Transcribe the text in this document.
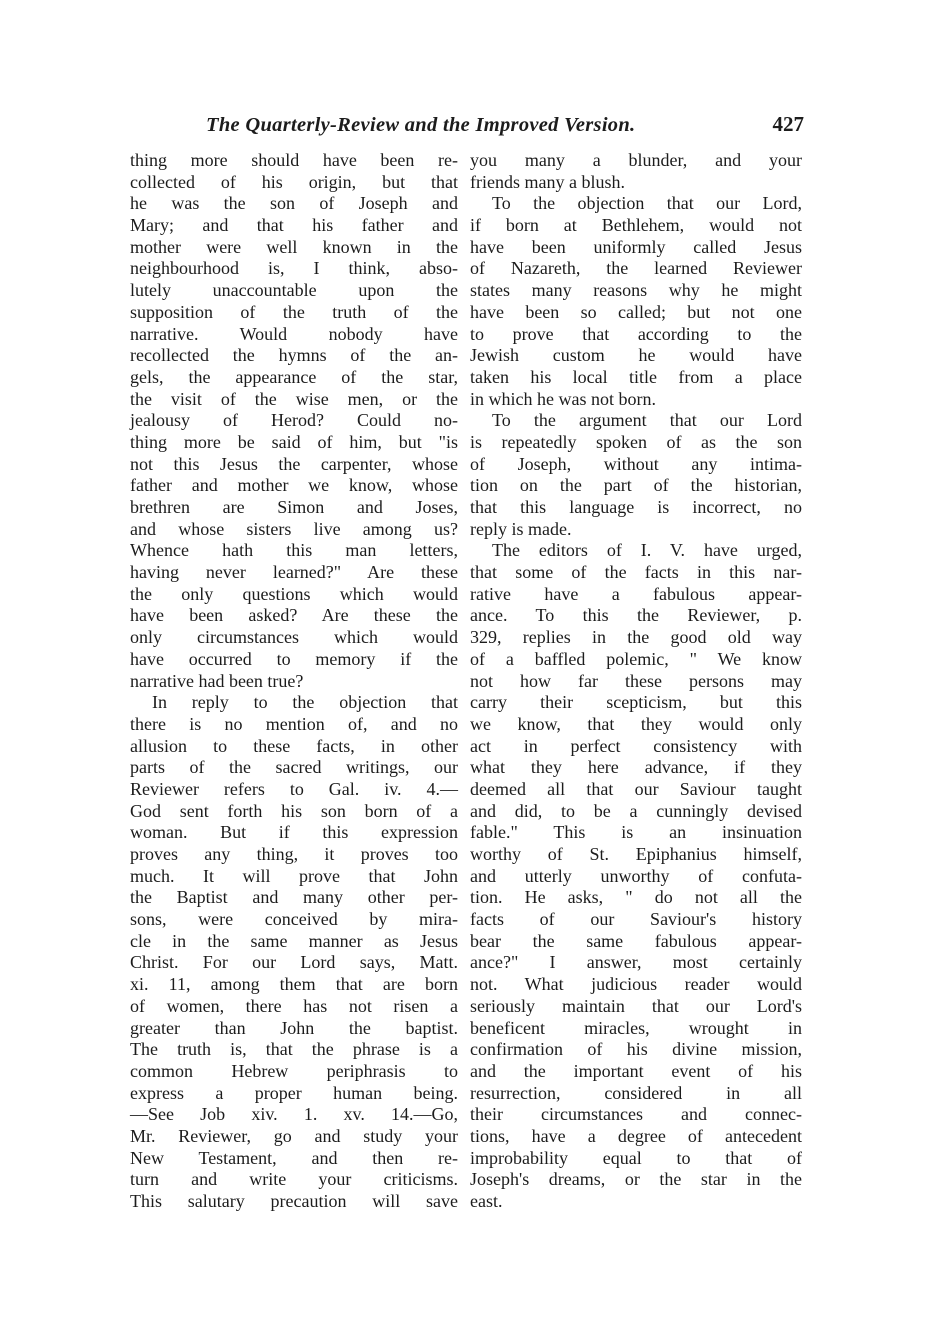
The Quarterly-Review and the Improved Version.	427
thing more should have been re-
collected of his origin, but that
he was the son of Joseph and
Mary; and that his father and
mother were well known in the
neighbourhood is, I think, abso-
lutely unaccountable upon the
supposition of the truth of the
narrative. Would nobody have
recollected the hymns of the an-
gels, the appearance of the star,
the visit of the wise men, or the
jealousy of Herod? Could no-
thing more be said of him, but "is
not this Jesus the carpenter, whose
father and mother we know, whose
brethren are Simon and Joses,
and whose sisters live among us?
Whence hath this man letters,
having never learned?" Are these
the only questions which would
have been asked? Are these the
only circumstances which would
have occurred to memory if the
narrative had been true?
In reply to the objection that
there is no mention of, and no
allusion to these facts, in other
parts of the sacred writings, our
Reviewer refers to Gal. iv. 4.—
God sent forth his son born of a
woman. But if this expression
proves any thing, it proves too
much. It will prove that John
the Baptist and many other per-
sons, were conceived by mira-
cle in the same manner as Jesus
Christ. For our Lord says, Matt.
xi. 11, among them that are born
of women, there has not risen a
greater than John the baptist.
The truth is, that the phrase is a
common Hebrew periphrasis to
express a proper human being.
—See Job xiv. 1. xv. 14.—Go,
Mr. Reviewer, go and study your
New Testament, and then re-
turn and write your criticisms.
This salutary precaution will save
you many a blunder, and your
friends many a blush.
To the objection that our Lord,
if born at Bethlehem, would not
have been uniformly called Jesus
of Nazareth, the learned Reviewer
states many reasons why he might
have been so called; but not one
to prove that according to the
Jewish custom he would have
taken his local title from a place
in which he was not born.
To the argument that our Lord
is repeatedly spoken of as the son
of Joseph, without any intima-
tion on the part of the historian,
that this language is incorrect, no
reply is made.
The editors of I. V. have urged,
that some of the facts in this nar-
rative have a fabulous appear-
ance. To this the Reviewer, p.
329, replies in the good old way
of a baffled polemic, " We know
not how far these persons may
carry their scepticism, but this
we know, that they would only
act in perfect consistency with
what they here advance, if they
deemed all that our Saviour taught
and did, to be a cunningly devised
fable." This is an insinuation
worthy of St. Epiphanius himself,
and utterly unworthy of confuta-
tion. He asks, " do not all the
facts of our Saviour's history
bear the same fabulous appear-
ance?" I answer, most certainly
not. What judicious reader would
seriously maintain that our Lord's
beneficent miracles, wrought in
confirmation of his divine mission,
and the important event of his
resurrection, considered in all
their circumstances and connec-
tions, have a degree of antecedent
improbability equal to that of
Joseph's dreams, or the star in the
east.
